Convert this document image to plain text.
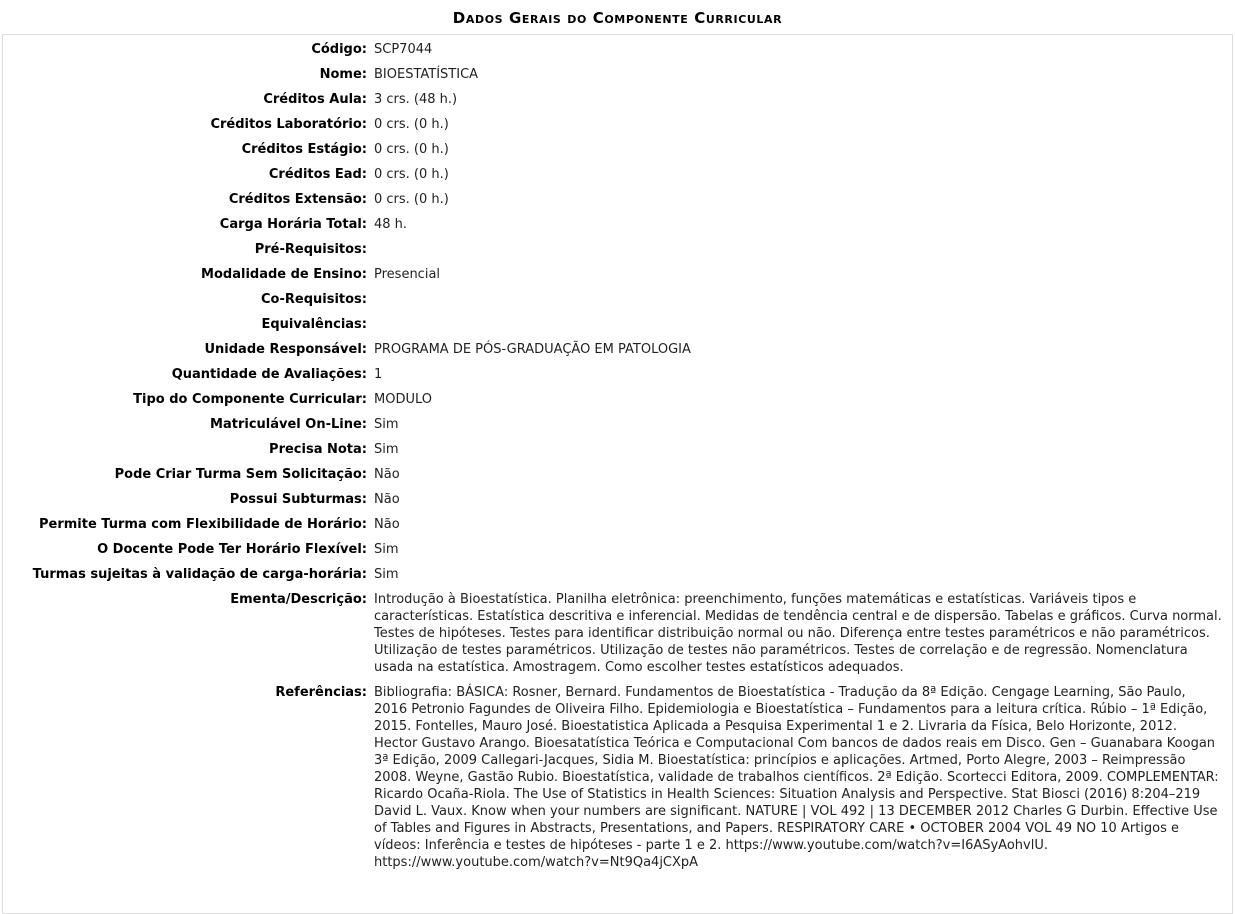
Dados Gerais do Componente Curricular
Código:	SCP7044
Nome:	BIOESTATÍSTICA
Créditos Aula:	3 crs. (48 h.)
Créditos Laboratório:	0 crs. (0 h.)
Créditos Estágio:	0 crs. (0 h.)
Créditos Ead:	0 crs. (0 h.)
Créditos Extensão:	0 crs. (0 h.)
Carga Horária Total:	48 h.
Pré-Requisitos:	
Modalidade de Ensino:	Presencial
Co-Requisitos:	
Equivalências:	
Unidade Responsável:	PROGRAMA DE PÓS-GRADUAÇÃO EM PATOLOGIA
Quantidade de Avaliações:	1
Tipo do Componente Curricular:	MODULO
Matriculável On-Line:	Sim
Precisa Nota:	Sim
Pode Criar Turma Sem Solicitação:	Não
Possui Subturmas:	Não
Permite Turma com Flexibilidade de Horário:	Não
O Docente Pode Ter Horário Flexível:	Sim
Turmas sujeitas à validação de carga-horária:	Sim
Ementa/Descrição:	Introdução à Bioestatística. Planilha eletrônica: preenchimento, funções matemáticas e estatísticas. Variáveis tipos e características. Estatística descritiva e inferencial. Medidas de tendência central e de dispersão. Tabelas e gráficos. Curva normal. Testes de hipóteses. Testes para identificar distribuição normal ou não. Diferença entre testes paramétricos e não paramétricos. Utilização de testes paramétricos. Utilização de testes não paramétricos. Testes de correlação e de regressão. Nomenclatura usada na estatística. Amostragem. Como escolher testes estatísticos adequados.
Referências:	Bibliografia: BÁSICA: Rosner, Bernard. Fundamentos de Bioestatística - Tradução da 8ª Edição. Cengage Learning, São Paulo, 2016 Petronio Fagundes de Oliveira Filho. Epidemiologia e Bioestatística – Fundamentos para a leitura crítica. Rúbio – 1ª Edição, 2015. Fontelles, Mauro José. Bioestatistica Aplicada a Pesquisa Experimental 1 e 2. Livraria da Física, Belo Horizonte, 2012. Hector Gustavo Arango. Bioesatatística Teórica e Computacional Com bancos de dados reais em Disco. Gen – Guanabara Koogan 3ª Edição, 2009 Callegari-Jacques, Sidia M. Bioestatística: princípios e aplicações. Artmed, Porto Alegre, 2003 – Reimpressão 2008. Weyne, Gastão Rubio. Bioestatística, validade de trabalhos científicos. 2ª Edição. Scortecci Editora, 2009. COMPLEMENTAR: Ricardo Ocaña-Riola. The Use of Statistics in Health Sciences: Situation Analysis and Perspective. Stat Biosci (2016) 8:204–219 David L. Vaux. Know when your numbers are significant. NATURE | VOL 492 | 13 DECEMBER 2012 Charles G Durbin. Effective Use of Tables and Figures in Abstracts, Presentations, and Papers. RESPIRATORY CARE • OCTOBER 2004 VOL 49 NO 10 Artigos e vídeos: Inferência e testes de hipóteses - parte 1 e 2. https://www.youtube.com/watch?v=I6ASyAohvlU. https://www.youtube.com/watch?v=Nt9Qa4jCXpA
